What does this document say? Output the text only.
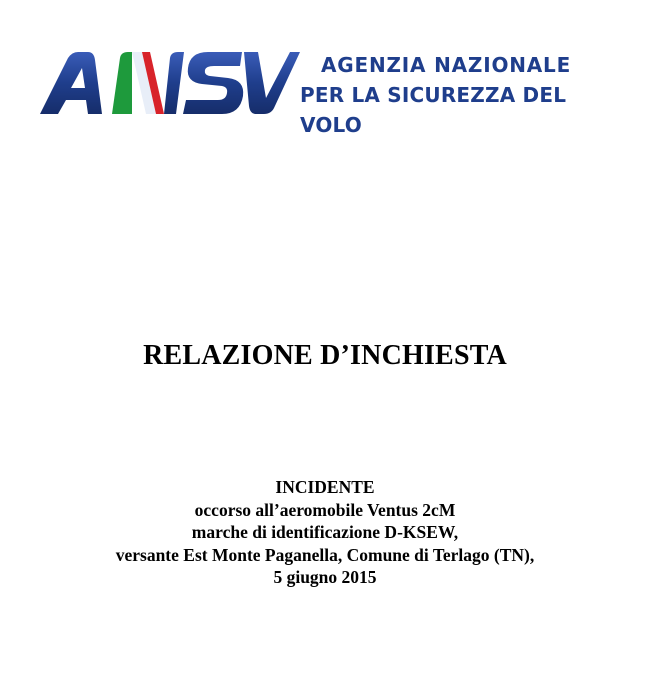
AGENZIA NAZIONALE
PER LA SICUREZZA DEL VOLO
RELAZIONE D’INCHIESTA
INCIDENTE
occorso all’aeromobile Ventus 2cM
marche di identificazione D-KSEW,
versante Est Monte Paganella, Comune di Terlago (TN),
5 giugno 2015
